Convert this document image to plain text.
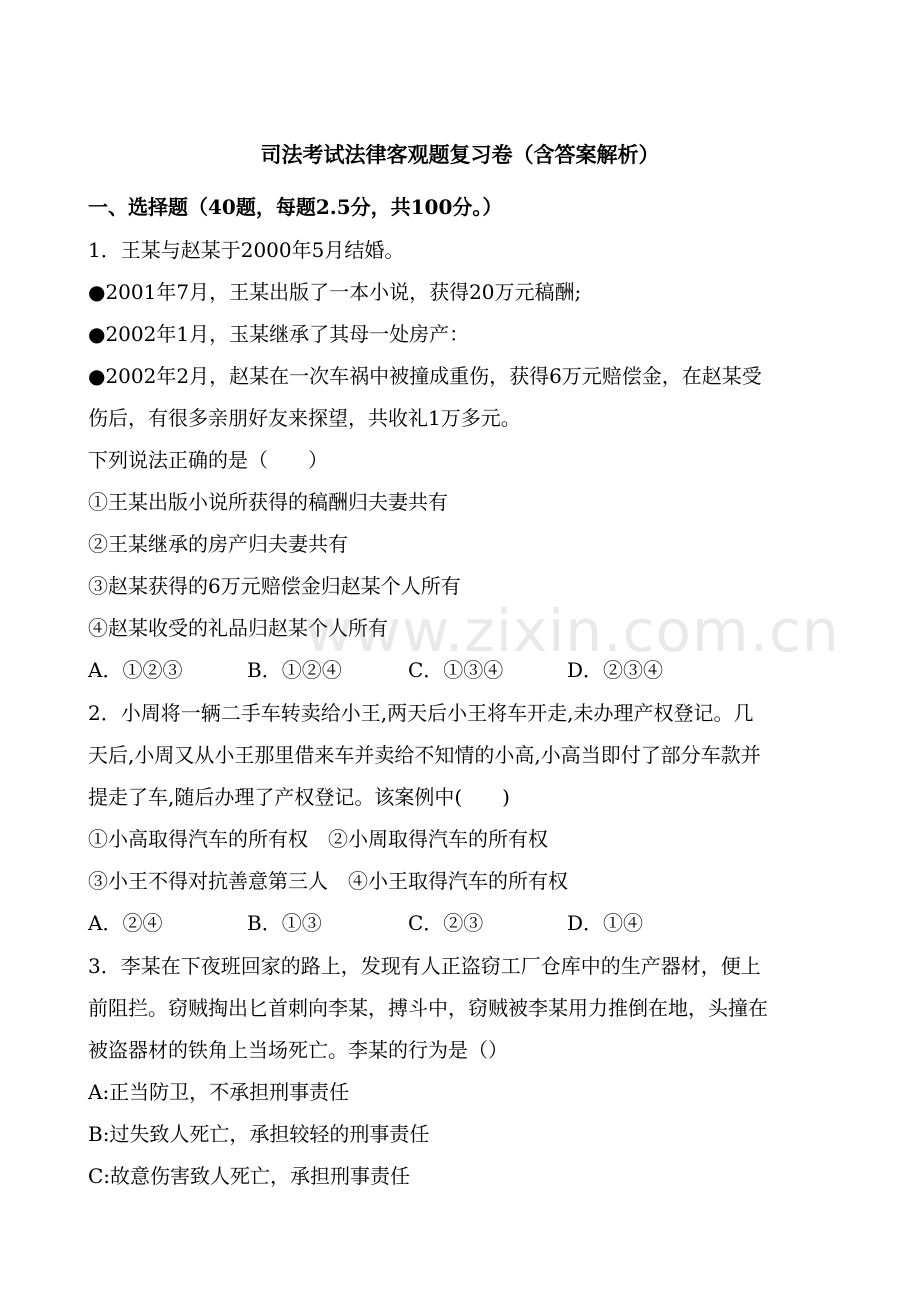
司法考试法律客观题复习卷（含答案解析）
一、选择题（40题，每题2.5分，共100分。）
1．王某与赵某于2000年5月结婚。
●2001年7月，王某出版了一本小说，获得20万元稿酬;
●2002年1月，玉某继承了其母一处房产：
●2002年2月，赵某在一次车祸中被撞成重伤，获得6万元赔偿金，在赵某受
伤后，有很多亲朋好友来探望，共收礼1万多元。
下列说法正确的是（　　）
①王某出版小说所获得的稿酬归夫妻共有
②王某继承的房产归夫妻共有
③赵某获得的6万元赔偿金归赵某个人所有
④赵某收受的礼品归赵某个人所有
A．①②③	B．①②④	C．①③④	D．②③④
2．小周将一辆二手车转卖给小王,两天后小王将车开走,未办理产权登记。几
天后,小周又从小王那里借来车并卖给不知情的小高,小高当即付了部分车款并
提走了车,随后办理了产权登记。该案例中(　　)
①小高取得汽车的所有权　②小周取得汽车的所有权
③小王不得对抗善意第三人　④小王取得汽车的所有权
A．②④	B．①③	C．②③	D．①④
3．李某在下夜班回家的路上，发现有人正盗窃工厂仓库中的生产器材，便上
前阻拦。窃贼掏出匕首刺向李某，搏斗中，窃贼被李某用力推倒在地，头撞在
被盗器材的铁角上当场死亡。李某的行为是（）
A:正当防卫，不承担刑事责任
B:过失致人死亡，承担较轻的刑事责任
C:故意伤害致人死亡，承担刑事责任
www.zixin.com.cn
